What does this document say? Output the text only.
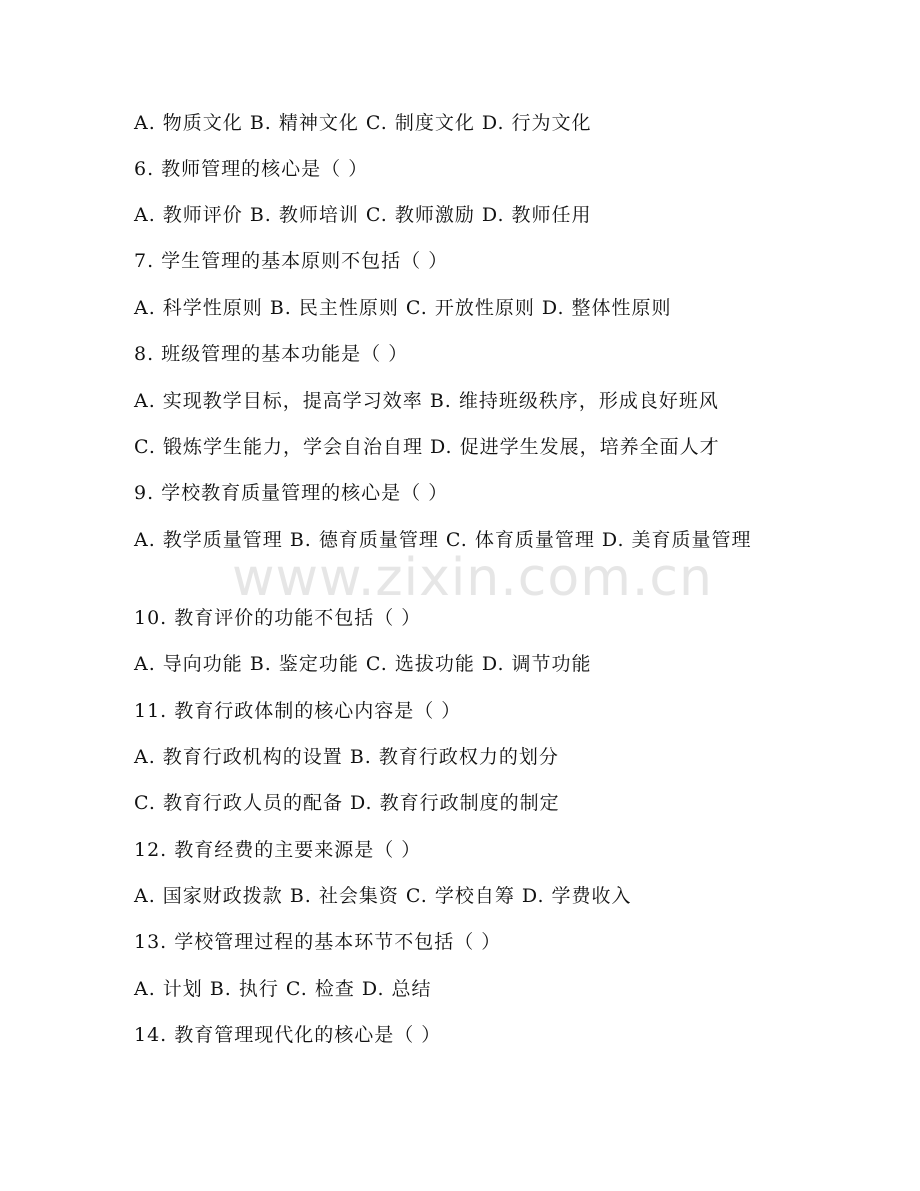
www.zixin.com.cn
A. 物质文化 B. 精神文化 C. 制度文化 D. 行为文化
6. 教师管理的核心是（ ）
A. 教师评价 B. 教师培训 C. 教师激励 D. 教师任用
7. 学生管理的基本原则不包括（ ）
A. 科学性原则 B. 民主性原则 C. 开放性原则 D. 整体性原则
8. 班级管理的基本功能是（ ）
A. 实现教学目标，提高学习效率 B. 维持班级秩序，形成良好班风
C. 锻炼学生能力，学会自治自理 D. 促进学生发展，培养全面人才
9. 学校教育质量管理的核心是（ ）
A. 教学质量管理 B. 德育质量管理 C. 体育质量管理 D. 美育质量管理
10. 教育评价的功能不包括（ ）
A. 导向功能 B. 鉴定功能 C. 选拔功能 D. 调节功能
11. 教育行政体制的核心内容是（ ）
A. 教育行政机构的设置 B. 教育行政权力的划分
C. 教育行政人员的配备 D. 教育行政制度的制定
12. 教育经费的主要来源是（ ）
A. 国家财政拨款 B. 社会集资 C. 学校自筹 D. 学费收入
13. 学校管理过程的基本环节不包括（ ）
A. 计划 B. 执行 C. 检查 D. 总结
14. 教育管理现代化的核心是（ ）
